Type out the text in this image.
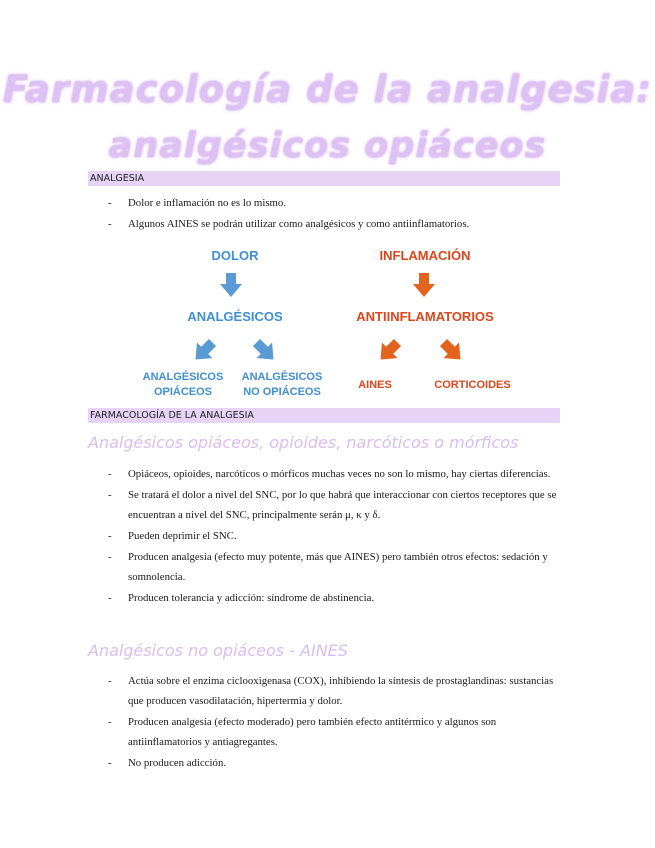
Farmacología de la analgesia:
analgésicos opiáceos
ANALGESIA
- Dolor e inflamación no es lo mismo.
- Algunos AINES se podrán utilizar como analgésicos y como antiinflamatorios.
DOLOR
ANALGÉSICOS
ANALGÉSICOS
OPIÁCEOS
ANALGÉSICOS
NO OPIÁCEOS
INFLAMACIÓN
ANTIINFLAMATORIOS
AINES	CORTICOIDES
FARMACOLOGÍA DE LA ANALGESIA
Analgésicos opiáceos, opioides, narcóticos o mórficos
- Opiáceos, opioides, narcóticos o mórficos muchas veces no son lo mismo, hay ciertas diferencias.
- Se tratará el dolor a nivel del SNC, por lo que habrá que interaccionar con ciertos receptores que se encuentran a nivel del SNC, principalmente serán μ, κ y δ.
- Pueden deprimir el SNC.
- Producen analgesia (efecto muy potente, más que AINES) pero también otros efectos: sedación y somnolencia.
- Producen tolerancia y adicción: síndrome de abstinencia.
Analgésicos no opiáceos - AINES
- Actúa sobre el enzima ciclooxigenasa (COX), inhibiendo la síntesis de prostaglandinas: sustancias que producen vasodilatación, hipertermia y dolor.
- Producen analgesia (efecto moderado) pero también efecto antitérmico y algunos son antiinflamatorios y antiagregantes.
- No producen adicción.
